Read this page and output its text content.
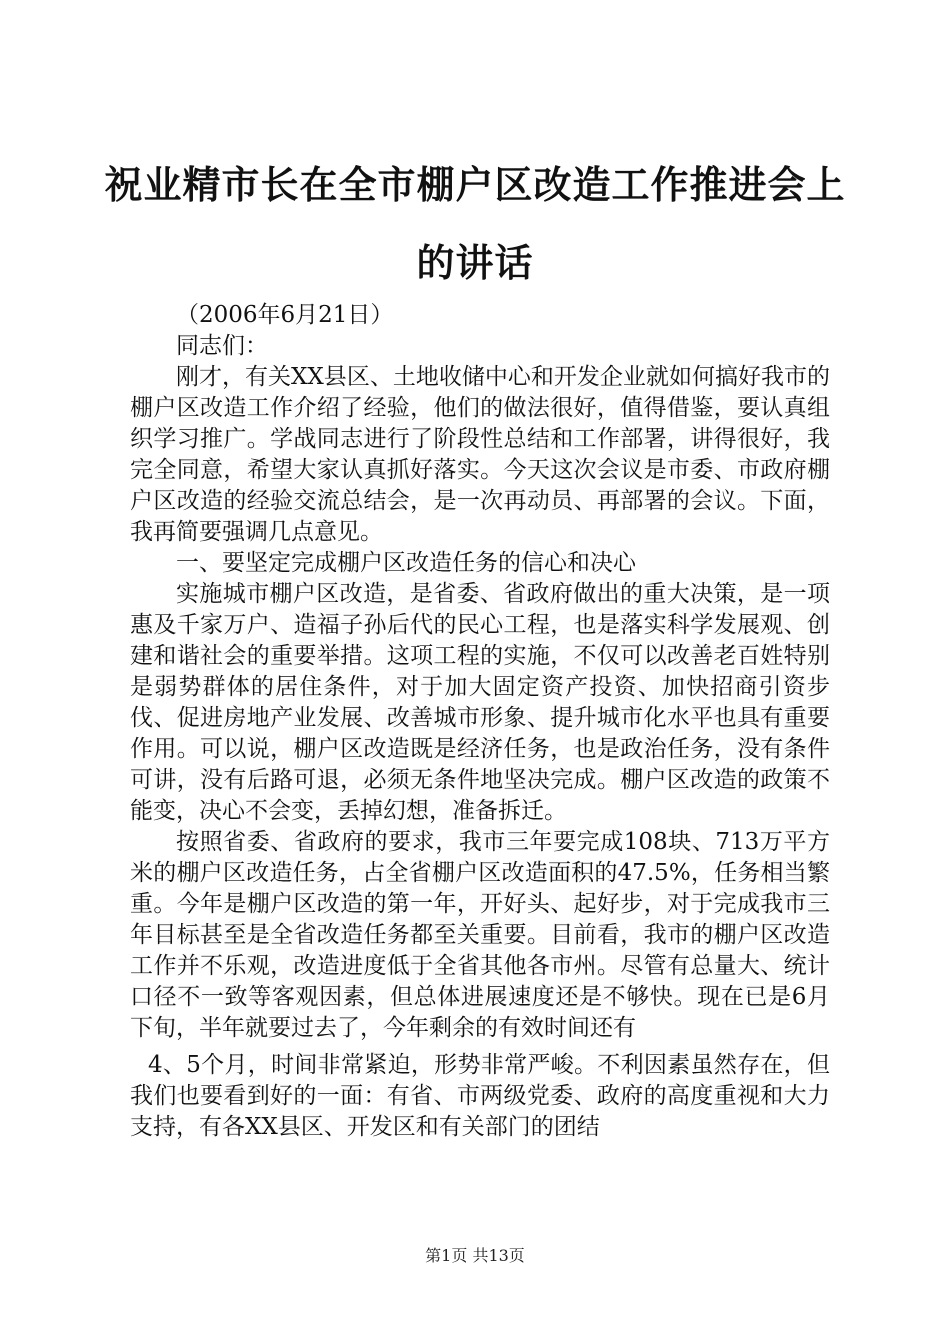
祝业精市长在全市棚户区改造工作推进会上的讲话

（2006年6月21日）

同志们：

刚才，有关XX县区、土地收储中心和开发企业就如何搞好我市的棚户区改造工作介绍了经验，他们的做法很好，值得借鉴，要认真组织学习推广。学战同志进行了阶段性总结和工作部署，讲得很好，我完全同意，希望大家认真抓好落实。今天这次会议是市委、市政府棚户区改造的经验交流总结会，是一次再动员、再部署的会议。下面，我再简要强调几点意见。

一、要坚定完成棚户区改造任务的信心和决心

实施城市棚户区改造，是省委、省政府做出的重大决策，是一项惠及千家万户、造福子孙后代的民心工程，也是落实科学发展观、创建和谐社会的重要举措。这项工程的实施，不仅可以改善老百姓特别是弱势群体的居住条件，对于加大固定资产投资、加快招商引资步伐、促进房地产业发展、改善城市形象、提升城市化水平也具有重要作用。可以说，棚户区改造既是经济任务，也是政治任务，没有条件可讲，没有后路可退，必须无条件地坚决完成。棚户区改造的政策不能变，决心不会变，丢掉幻想，准备拆迁。

按照省委、省政府的要求，我市三年要完成108块、713万平方米的棚户区改造任务，占全省棚户区改造面积的47.5%，任务相当繁重。今年是棚户区改造的第一年，开好头、起好步，对于完成我市三年目标甚至是全省改造任务都至关重要。目前看，我市的棚户区改造工作并不乐观，改造进度低于全省其他各市州。尽管有总量大、统计口径不一致等客观因素，但总体进展速度还是不够快。现在已是6月下旬，半年就要过去了，今年剩余的有效时间还有

4、5个月，时间非常紧迫，形势非常严峻。不利因素虽然存在，但我们也要看到好的一面：有省、市两级党委、政府的高度重视和大力支持，有各XX县区、开发区和有关部门的团结

第1页 共13页
